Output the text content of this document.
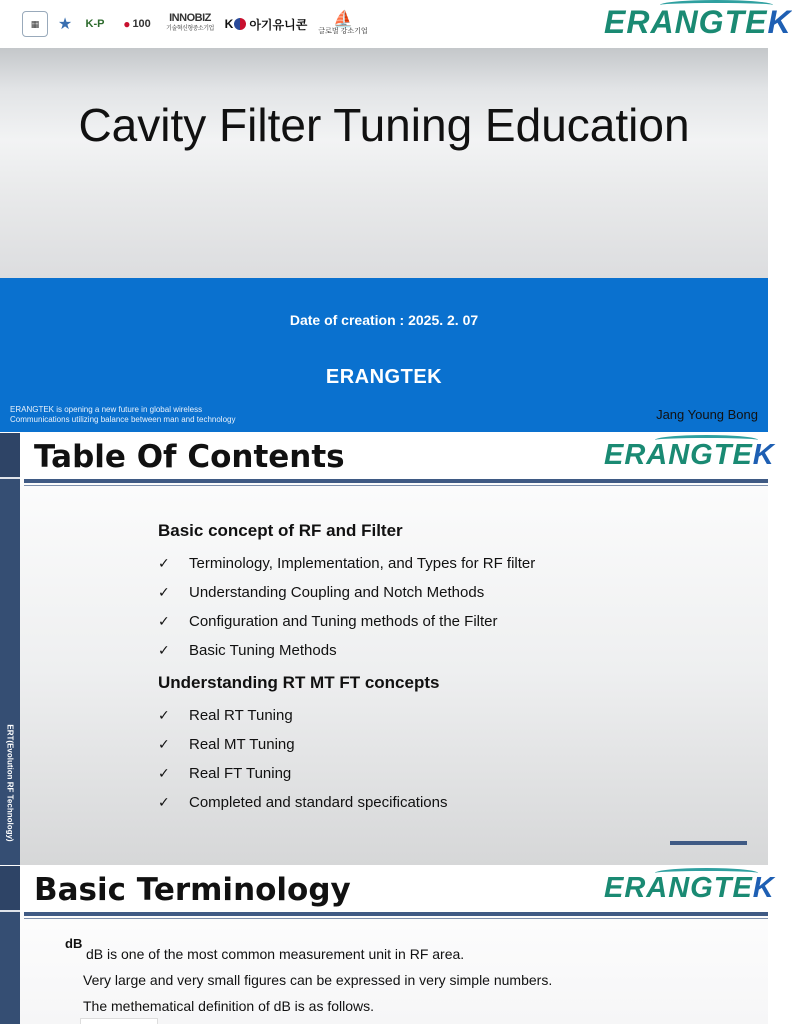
▦	★	K-P ● 100 INNOBIZ
기술혁신형중소기업 K 아기유니콘 ⛵
글로벌 강소기업	ERANGTEK
Cavity Filter Tuning Education
Date of creation : 2025. 2. 07
ERANGTEK
ERANGTEK is opening a new future in global wireless
Communications utilizing balance between man and technology	Jang Young Bong
ERT(Evolution RF Technology)
Table Of Contents	ERANGTEK
Basic concept of RF and Filter
✓	Terminology, Implementation, and Types for RF filter
✓	Understanding Coupling and Notch Methods
✓	Configuration and Tuning methods of the Filter
✓	Basic Tuning Methods
Understanding RT MT FT concepts
✓	Real RT Tuning
✓	Real MT Tuning
✓	Real FT Tuning
✓	Completed and standard specifications
Basic Terminology	ERANGTEK
dB
dB is one of the most common measurement unit in RF area.
Very large and very small figures can be expressed in very simple numbers.
The methematical definition of dB is as follows.
